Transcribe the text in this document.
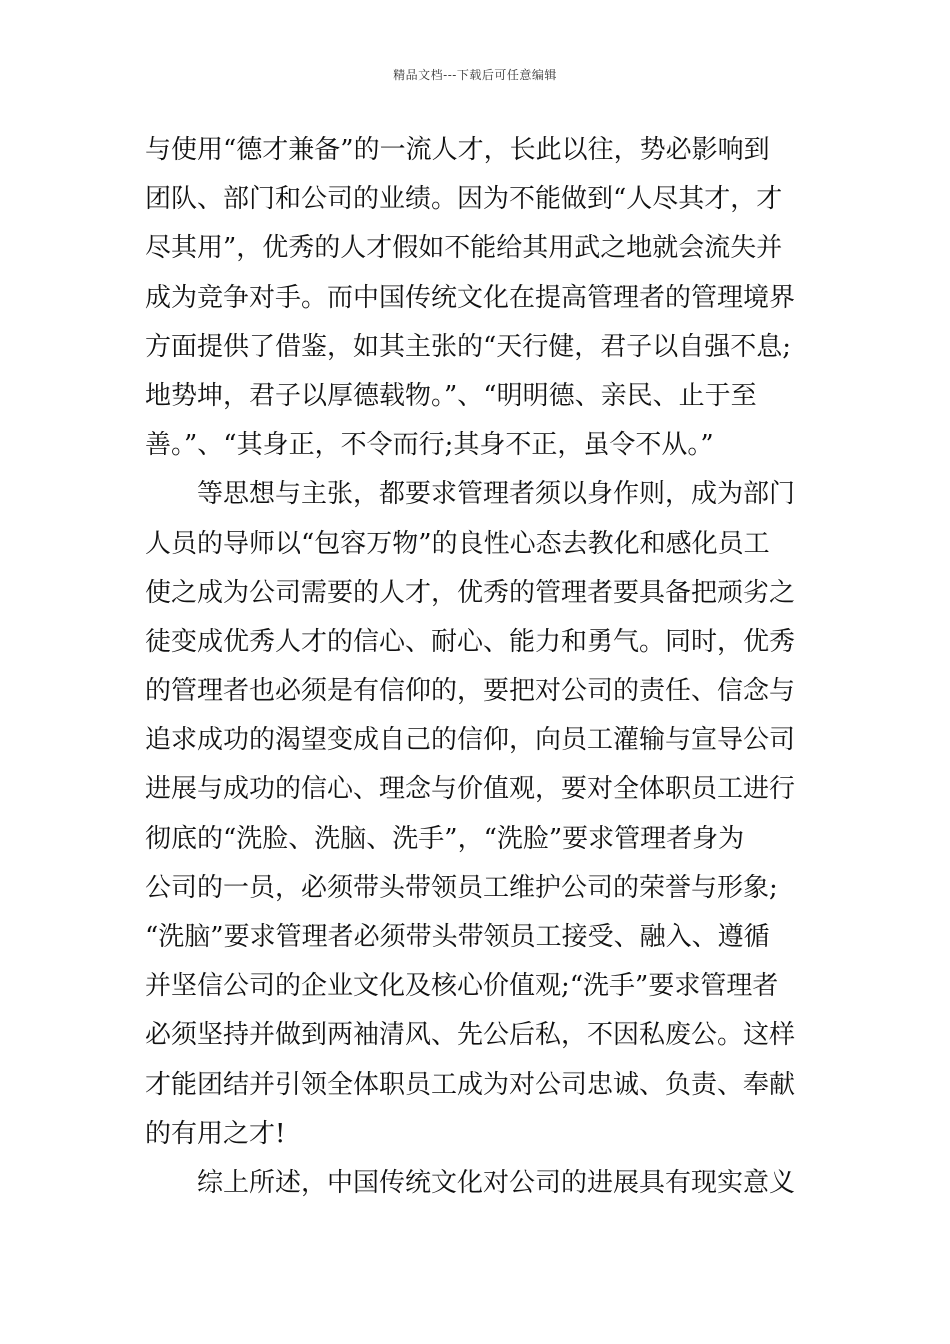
精品文档---下载后可任意编辑
与使用“德才兼备”的一流人才，长此以往，势必影响到
团队、部门和公司的业绩。因为不能做到“人尽其才，才
尽其用”，优秀的人才假如不能给其用武之地就会流失并
成为竞争对手。而中国传统文化在提高管理者的管理境界
方面提供了借鉴，如其主张的“天行健，君子以自强不息;
地势坤，君子以厚德载物。”、“明明德、亲民、止于至
善。”、“其身正，不令而行;其身不正，虽令不从。”
等思想与主张，都要求管理者须以身作则，成为部门
人员的导师以“包容万物”的良性心态去教化和感化员工
使之成为公司需要的人才，优秀的管理者要具备把顽劣之
徒变成优秀人才的信心、耐心、能力和勇气。同时，优秀
的管理者也必须是有信仰的，要把对公司的责任、信念与
追求成功的渴望变成自己的信仰，向员工灌输与宣导公司
进展与成功的信心、理念与价值观，要对全体职员工进行
彻底的“洗脸、洗脑、洗手”，“洗脸”要求管理者身为
公司的一员，必须带头带领员工维护公司的荣誉与形象;
“洗脑”要求管理者必须带头带领员工接受、融入、遵循
并坚信公司的企业文化及核心价值观;“洗手”要求管理者
必须坚持并做到两袖清风、先公后私，不因私废公。这样
才能团结并引领全体职员工成为对公司忠诚、负责、奉献
的有用之才!
综上所述，中国传统文化对公司的进展具有现实意义
